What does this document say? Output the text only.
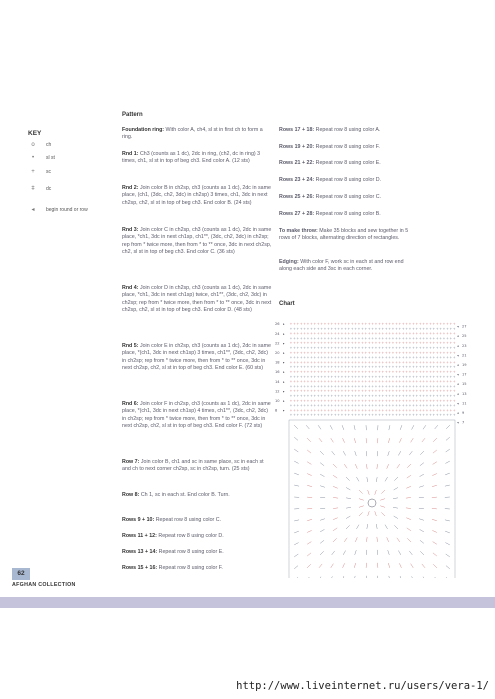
KEY
o	ch
•	sl st
+	sc
ǂ	dc
◂	begin round or row
Pattern
Foundation ring: With color A, ch4, sl st in first ch to form a ring.
Rnd 1: Ch3 (counts as 1 dc), 2dc in ring, (ch2, dc in ring) 3 times, ch1, sl st in top of beg ch3. End color A. (12 sts)
Rnd 2: Join color B in ch2sp, ch3 (counts as 1 dc), 2dc in same place, (ch1, (3dc, ch2, 3dc) in ch2sp) 3 times, ch1, 3dc in next ch2sp, ch2, sl st in top of beg ch3. End color B. (24 sts)
Rnd 3: Join color C in ch2sp, ch3 (counts as 1 dc), 2dc in same place, *ch1, 3dc in next ch1sp, ch1**, (3dc, ch2, 3dc) in ch2sp; rep from * twice more, then from * to ** once, 3dc in next ch2sp, ch2, sl st in top of beg ch3. End color C. (36 sts)
Rnd 4: Join color D in ch2sp, ch3 (counts as 1 dc), 2dc in same place, *ch1, 3dc in next ch1sp) twice, ch1**, (3dc, ch2, 3dc) in ch2sp; rep from * twice more, then from * to ** once, 3dc in next ch2sp, ch2, sl st in top of beg ch3. End color D. (48 sts)
Rnd 5: Join color E in ch2sp, ch3 (counts as 1 dc), 2dc in same place, *(ch1, 3dc in next ch1sp) 3 times, ch1**, (3dc, ch2, 3dc) in ch2sp; rep from * twice more, then from * to ** once, 3dc in next ch2sp, ch2, sl st in top of beg ch3. End color E. (60 sts)
Rnd 6: Join color F in ch2sp, ch3 (counts as 1 dc), 2dc in same place, *(ch1, 3dc in next ch1sp) 4 times, ch1**, (3dc, ch2, 3dc) in ch2sp; rep from * twice more, then from * to ** once, 3dc in next ch2sp, ch2, sl st in top of beg ch3. End color F. (72 sts)
Row 7: Join color B, ch1 and sc in same place, sc in each st and ch to next corner ch2sp, sc in ch2sp, turn. (25 sts)
Row 8: Ch 1, sc in each st. End color B. Turn.
Rows 9 + 10: Repeat row 8 using color C.
Rows 11 + 12: Repeat row 8 using color D.
Rows 13 + 14: Repeat row 8 using color E.
Rows 15 + 16: Repeat row 8 using color F.
Rows 17 + 18: Repeat row 8 using color A.
Rows 19 + 20: Repeat row 8 using color F.
Rows 21 + 22: Repeat row 8 using color E.
Rows 23 + 24: Repeat row 8 using color D.
Rows 25 + 26: Repeat row 8 using color C.
Rows 27 + 28: Repeat row 8 using color B.
To make throw: Make 35 blocks and sew together in 5 rows of 7 blocks, alternating direction of rectangles.
Edging: With color F, work sc in each st and row end along each side and 3sc in each corner.
Chart
+ + + + + + + + + + + + + + + + + + + + + + + + + + + + + + + + + + + + + + + + + + + + + + + + +
+ + + + + + + + + + + + + + + + + + + + + + + + + + + + + + + + + + + + + + + + + + + + + + + + +
+ + + + + + + + + + + + + + + + + + + + + + + + + + + + + + + + + + + + + + + + + + + + + + + + +
+ + + + + + + + + + + + + + + + + + + + + + + + + + + + + + + + + + + + + + + + + + + + + + + + +
+ + + + + + + + + + + + + + + + + + + + + + + + + + + + + + + + + + + + + + + + + + + + + + + + +
+ + + + + + + + + + + + + + + + + + + + + + + + + + + + + + + + + + + + + + + + + + + + + + + + +
+ + + + + + + + + + + + + + + + + + + + + + + + + + + + + + + + + + + + + + + + + + + + + + + + +
+ + + + + + + + + + + + + + + + + + + + + + + + + + + + + + + + + + + + + + + + + + + + + + + + +
+ + + + + + + + + + + + + + + + + + + + + + + + + + + + + + + + + + + + + + + + + + + + + + + + +
+ + + + + + + + + + + + + + + + + + + + + + + + + + + + + + + + + + + + + + + + + + + + + + + + +
+ + + + + + + + + + + + + + + + + + + + + + + + + + + + + + + + + + + + + + + + + + + + + + + + +
+ + + + + + + + + + + + + + + + + + + + + + + + + + + + + + + + + + + + + + + + + + + + + + + + +
+ + + + + + + + + + + + + + + + + + + + + + + + + + + + + + + + + + + + + + + + + + + + + + + + +
+ + + + + + + + + + + + + + + + + + + + + + + + + + + + + + + + + + + + + + + + + + + + + + + + +
+ + + + + + + + + + + + + + + + + + + + + + + + + + + + + + + + + + + + + + + + + + + + + + + + +
+ + + + + + + + + + + + + + + + + + + + + + + + + + + + + + + + + + + + + + + + + + + + + + + + +
+ + + + + + + + + + + + + + + + + + + + + + + + + + + + + + + + + + + + + + + + + + + + + + + + +
+ + + + + + + + + + + + + + + + + + + + + + + + + + + + + + + + + + + + + + + + + + + + + + + + +
+ + + + + + + + + + + + + + + + + + + + + + + + + + + + + + + + + + + + + + + + + + + + + + + + +
+ + + + + + + + + + + + + + + + + + + + + + + + + + + + + + + + + + + + + + + + + + + + + + + + +
26 ▸
24 ▸
22 ▸
20 ▸
18 ▸
16 ▸
14 ▸
12 ▸
10 ▸
8 ▸
◂ 27
◂ 25
◂ 23
◂ 21
◂ 19
◂ 17
◂ 15
◂ 13
◂ 11
◂ 9
◂ 7
62
AFGHAN COLLECTION
http://www.liveinternet.ru/users/vera-1/
